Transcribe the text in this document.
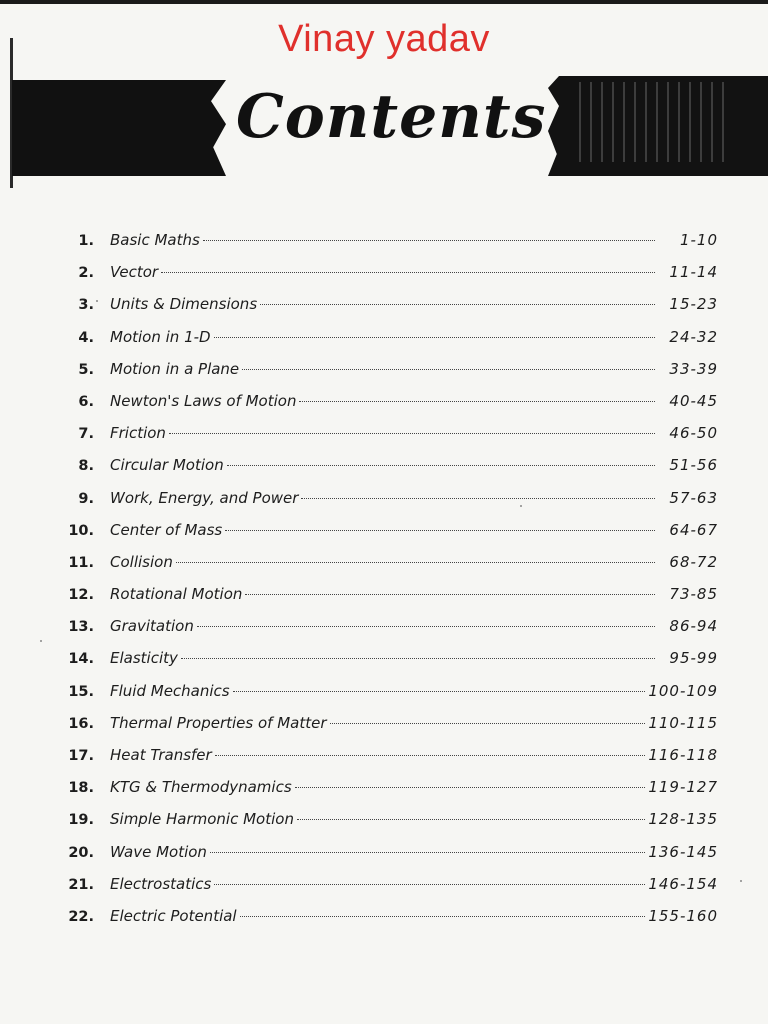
Vinay yadav
Contents
1. Basic Maths	1-10
2. Vector	11-14
3. Units & Dimensions	15-23
4. Motion in 1-D	24-32
5. Motion in a Plane	33-39
6. Newton's Laws of Motion	40-45
7. Friction	46-50
8. Circular Motion	51-56
9. Work, Energy, and Power	57-63
10. Center of Mass	64-67
11. Collision	68-72
12. Rotational Motion	73-85
13. Gravitation	86-94
14. Elasticity	95-99
15. Fluid Mechanics	100-109
16. Thermal Properties of Matter	110-115
17. Heat Transfer	116-118
18. KTG & Thermodynamics	119-127
19. Simple Harmonic Motion	128-135
20. Wave Motion	136-145
21. Electrostatics	146-154
22. Electric Potential	155-160
